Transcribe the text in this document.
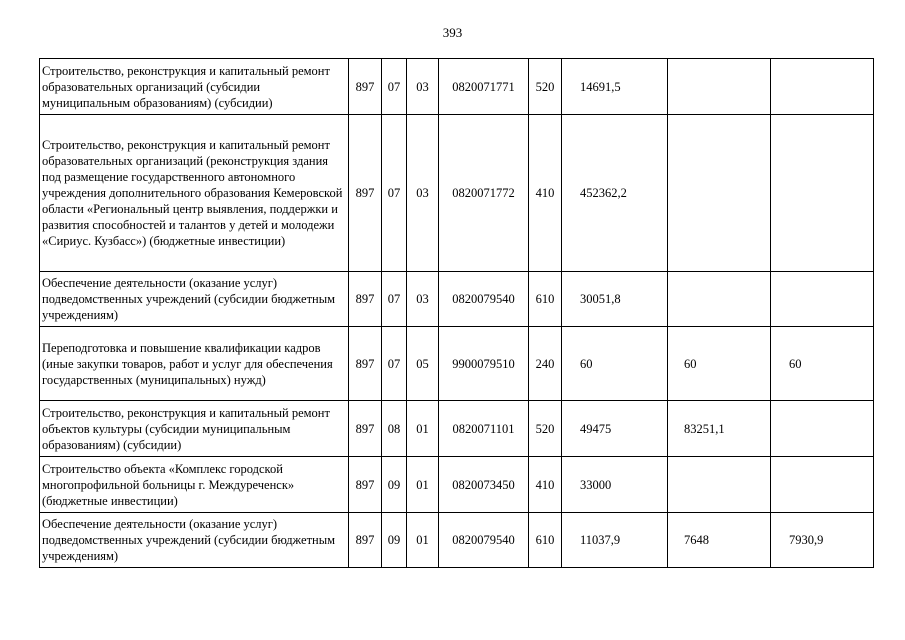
393
Строительство, реконструкция и капитальный ремонт образовательных организаций (субсидии муниципальным образованиям) (субсидии)	897	07	03	0820071771	520	14691,5		
Строительство, реконструкция и капитальный ремонт образовательных организаций (реконструкция здания под размещение государственного автономного учреждения дополнительного образования Кемеровской области «Региональный центр выявления, поддержки и развития способностей и талантов у детей и молодежи «Сириус. Кузбасс») (бюджетные инвестиции)	897	07	03	0820071772	410	452362,2		
Обеспечение деятельности (оказание услуг) подведомственных учреждений (субсидии бюджетным учреждениям)	897	07	03	0820079540	610	30051,8		
Переподготовка и повышение квалификации кадров (иные закупки товаров, работ и услуг для обеспечения государственных (муниципальных) нужд)	897	07	05	9900079510	240	60	60	60
Строительство, реконструкция и капитальный ремонт объектов культуры (субсидии муниципальным образованиям) (субсидии)	897	08	01	0820071101	520	49475	83251,1	
Строительство объекта «Комплекс городской многопрофильной больницы г. Междуреченск» (бюджетные инвестиции)	897	09	01	0820073450	410	33000		
Обеспечение деятельности (оказание услуг) подведомственных учреждений (субсидии бюджетным учреждениям)	897	09	01	0820079540	610	11037,9	7648	7930,9
